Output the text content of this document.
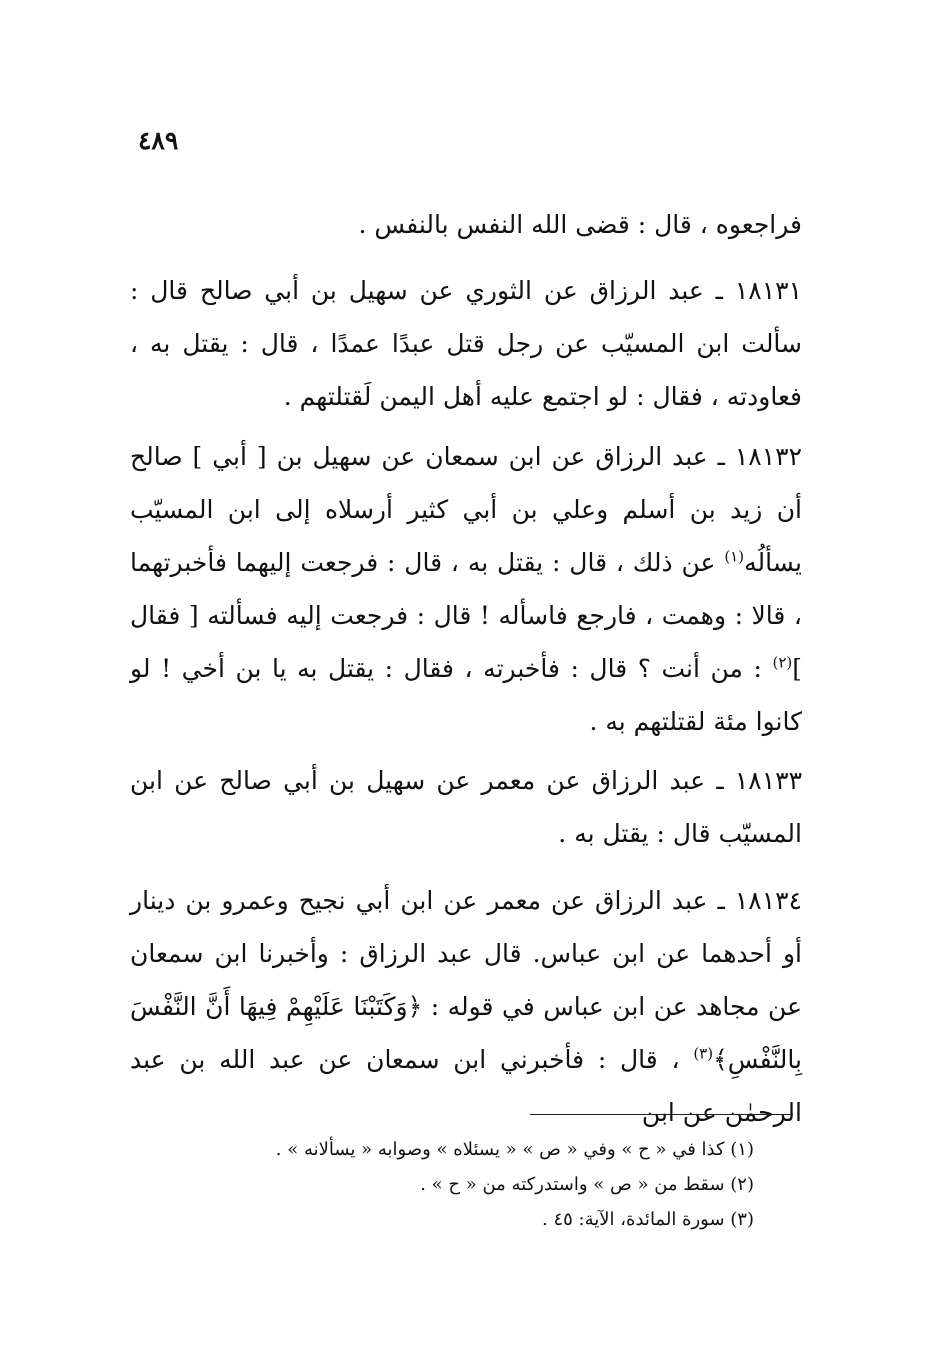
٤٨٩

فراجعوه ، قال : قضى الله النفس بالنفس .

١٨١٣١ ـ عبد الرزاق عن الثوري عن سهيل بن أبي صالح قال : سألت ابن المسيّب عن رجل قتل عبدًا عمدًا ، قال : يقتل به ، فعاودته ، فقال : لو اجتمع عليه أهل اليمن لَقتلتهم .

١٨١٣٢ ـ عبد الرزاق عن ابن سمعان عن سهيل بن [ أبي ] صالح أن زيد بن أسلم وعلي بن أبي كثير أرسلاه إلى ابن المسيّب يسألُه$^{(١)}$ عن ذلك ، قال : يقتل به ، قال : فرجعت إليهما فأخبرتهما ، قالا : وهمت ، فارجع فاسأله ! قال : فرجعت إليه فسألته [ فقال ]$^{(٢)}$ : من أنت ؟ قال : فأخبرته ، فقال : يقتل به يا بن أخي ! لو كانوا مئة لقتلتهم به .

١٨١٣٣ ـ عبد الرزاق عن معمر عن سهيل بن أبي صالح عن ابن المسيّب قال : يقتل به .

١٨١٣٤ ـ عبد الرزاق عن معمر عن ابن أبي نجيح وعمرو بن دينار أو أحدهما عن ابن عباس. قال عبد الرزاق : وأخبرنا ابن سمعان عن مجاهد عن ابن عباس في قوله : ﴿وَكَتَبْنَا عَلَيْهِمْ فِيهَا أَنَّ النَّفْسَ بِالنَّفْسِ﴾$^{(٣)}$ ، قال : فأخبرني ابن سمعان عن عبد الله بن عبد الرحمٰن عن ابن

(١) كذا في « ح » وفي « ص » « يسئلاه » وصوابه « يسألانه » .

(٢) سقط من « ص » واستدركته من « ح » .

(٣) سورة المائدة، الآية: ٤٥ .
